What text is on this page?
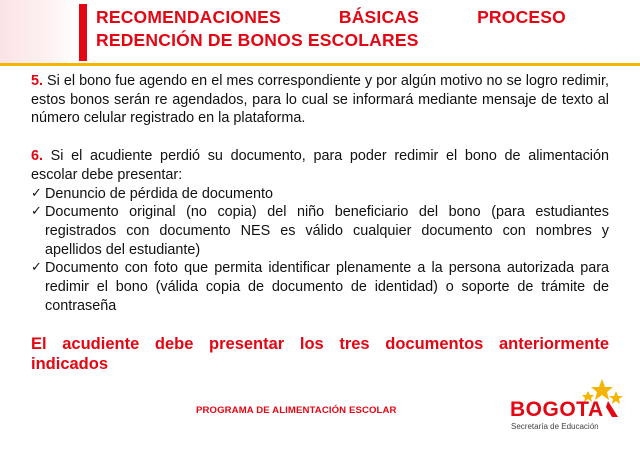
RECOMENDACIONES	BÁSICAS	PROCESO
REDENCIÓN DE BONOS ESCOLARES

5. Si el bono fue agendo en el mes correspondiente y por algún motivo no se logro redimir, estos bonos serán re agendados, para lo cual se informará mediante mensaje de texto al número celular registrado en la plataforma.

6. Si el acudiente perdió su documento, para poder redimir el bono de alimentación escolar debe presentar:

✓ Denuncio de pérdida de documento
✓ Documento original (no copia) del niño beneficiario del bono (para estudiantes registrados con documento NES es válido cualquier documento con nombres y apellidos del estudiante)
✓ Documento con foto que permita identificar plenamente a la persona autorizada para redimir el bono (válida copia de documento de identidad) o soporte de trámite de contraseña

El acudiente debe presentar los tres documentos anteriormente indicados

PROGRAMA DE ALIMENTACIÓN ESCOLAR	BOGOTA
Secretaría de Educación
